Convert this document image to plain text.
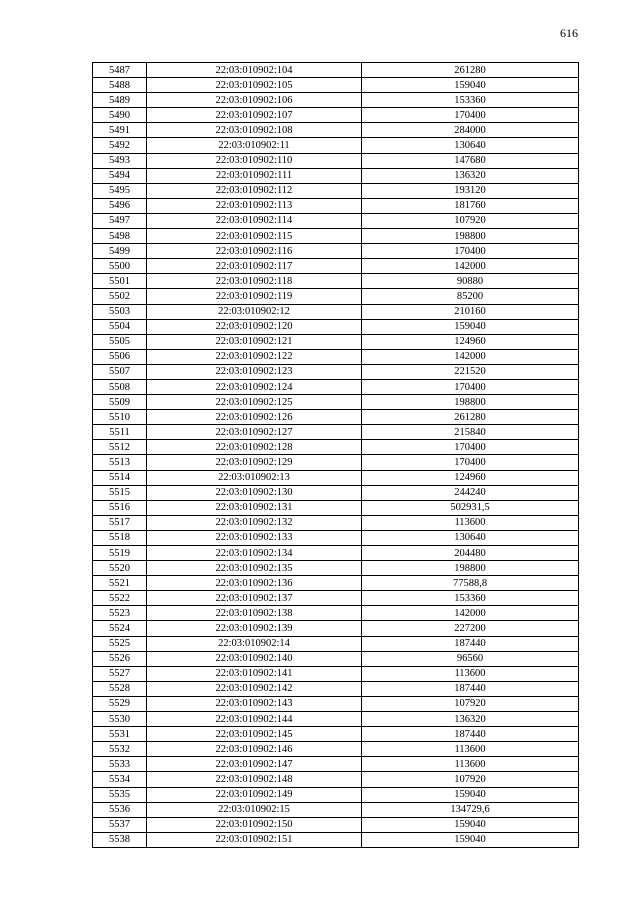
616
5487	22:03:010902:104	261280
5488	22:03:010902:105	159040
5489	22:03:010902:106	153360
5490	22:03:010902:107	170400
5491	22:03:010902:108	284000
5492	22:03:010902:11	130640
5493	22:03:010902:110	147680
5494	22:03:010902:111	136320
5495	22:03:010902:112	193120
5496	22:03:010902:113	181760
5497	22:03:010902:114	107920
5498	22:03:010902:115	198800
5499	22:03:010902:116	170400
5500	22:03:010902:117	142000
5501	22:03:010902:118	90880
5502	22:03:010902:119	85200
5503	22:03:010902:12	210160
5504	22:03:010902:120	159040
5505	22:03:010902:121	124960
5506	22:03:010902:122	142000
5507	22:03:010902:123	221520
5508	22:03:010902:124	170400
5509	22:03:010902:125	198800
5510	22:03:010902:126	261280
5511	22:03:010902:127	215840
5512	22:03:010902:128	170400
5513	22:03:010902:129	170400
5514	22:03:010902:13	124960
5515	22:03:010902:130	244240
5516	22:03:010902:131	502931,5
5517	22:03:010902:132	113600
5518	22:03:010902:133	130640
5519	22:03:010902:134	204480
5520	22:03:010902:135	198800
5521	22:03:010902:136	77588,8
5522	22:03:010902:137	153360
5523	22:03:010902:138	142000
5524	22:03:010902:139	227200
5525	22:03:010902:14	187440
5526	22:03:010902:140	96560
5527	22:03:010902:141	113600
5528	22:03:010902:142	187440
5529	22:03:010902:143	107920
5530	22:03:010902:144	136320
5531	22:03:010902:145	187440
5532	22:03:010902:146	113600
5533	22:03:010902:147	113600
5534	22:03:010902:148	107920
5535	22:03:010902:149	159040
5536	22:03:010902:15	134729,6
5537	22:03:010902:150	159040
5538	22:03:010902:151	159040
